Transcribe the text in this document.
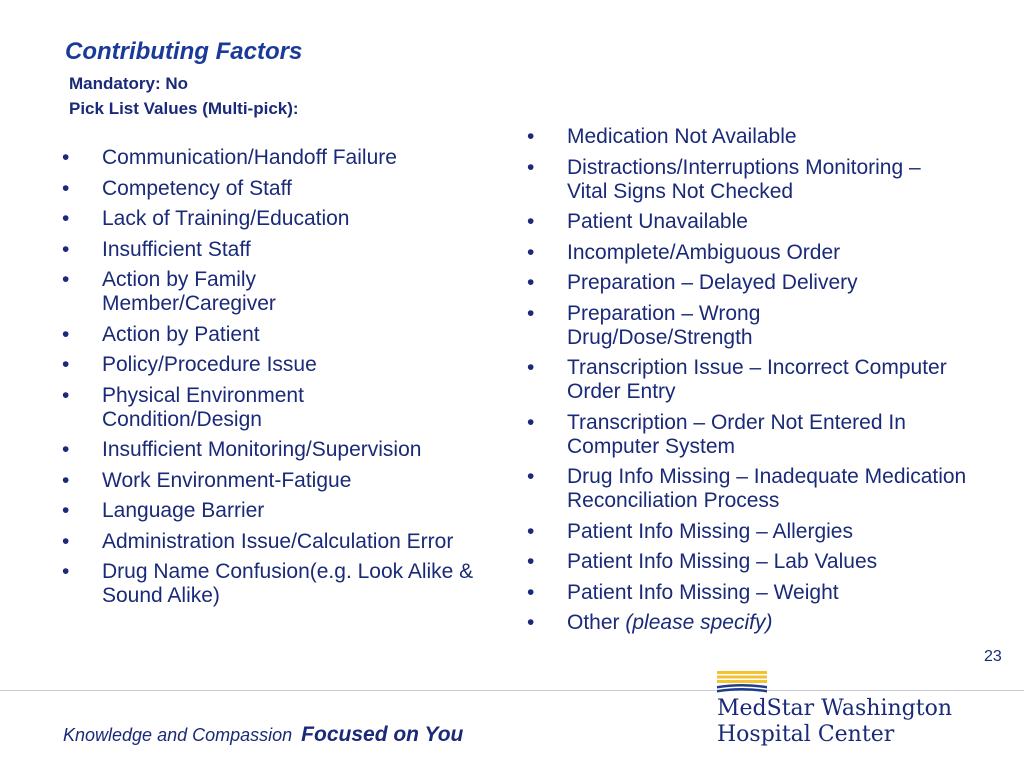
Contributing Factors
Mandatory: No
Pick List Values (Multi-pick):
• Communication/Handoff Failure
• Competency of Staff
• Lack of Training/Education
• Insufficient Staff
• Action by Family Member/Caregiver
• Action by Patient
• Policy/Procedure Issue
• Physical Environment Condition/Design
• Insufficient Monitoring/Supervision
• Work Environment-Fatigue
• Language Barrier
• Administration Issue/Calculation Error
• Drug Name Confusion(e.g. Look Alike & Sound Alike)
• Medication Not Available
• Distractions/Interruptions Monitoring – Vital Signs Not Checked
• Patient Unavailable
• Incomplete/Ambiguous Order
• Preparation – Delayed Delivery
• Preparation – Wrong Drug/Dose/Strength
• Transcription Issue – Incorrect Computer Order Entry
• Transcription – Order Not Entered In Computer System
• Drug Info Missing – Inadequate Medication Reconciliation Process
• Patient Info Missing – Allergies
• Patient Info Missing – Lab Values
• Patient Info Missing – Weight
• Other (please specify)
23
Knowledge and Compassion Focused on You
MedStar Washington
Hospital Center
